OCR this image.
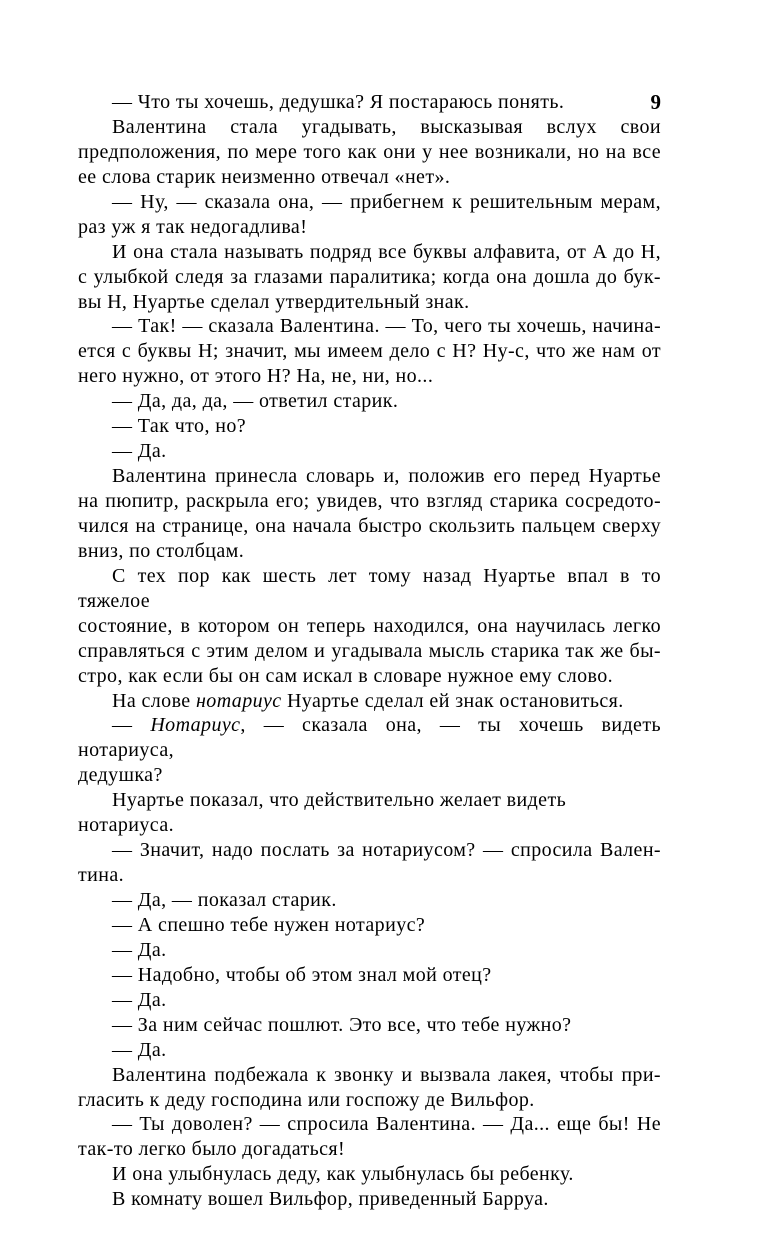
9
— Что ты хочешь, дедушка? Я постараюсь понять.
Валентина стала угадывать, высказывая вслух свои
предположения, по мере того как они у нее возникали, но на все
ее слова старик неизменно отвечал «нет».
— Ну, — сказала она, — прибегнем к решительным мерам,
раз уж я так недогадлива!
И она стала называть подряд все буквы алфавита, от А до Н,
с улыбкой следя за глазами паралитика; когда она дошла до бук-
вы Н, Нуартье сделал утвердительный знак.
— Так! — сказала Валентина. — То, чего ты хочешь, начина-
ется с буквы Н; значит, мы имеем дело с Н? Ну-с, что же нам от
него нужно, от этого Н? На, не, ни, но...
— Да, да, да, — ответил старик.
— Так что, но?
— Да.
Валентина принесла словарь и, положив его перед Нуартье
на пюпитр, раскрыла его; увидев, что взгляд старика сосредото-
чился на странице, она начала быстро скользить пальцем сверху
вниз, по столбцам.
С тех пор как шесть лет тому назад Нуартье впал в то тяжелое
состояние, в котором он теперь находился, она научилась легко
справляться с этим делом и угадывала мысль старика так же бы-
стро, как если бы он сам искал в словаре нужное ему слово.
На слове нотариус Нуартье сделал ей знак остановиться.
— Нотариус, — сказала она, — ты хочешь видеть нотариуса,
дедушка?
Нуартье показал, что действительно желает видеть нотариуса.
— Значит, надо послать за нотариусом? — спросила Вален-
тина.
— Да, — показал старик.
— А спешно тебе нужен нотариус?
— Да.
— Надобно, чтобы об этом знал мой отец?
— Да.
— За ним сейчас пошлют. Это все, что тебе нужно?
— Да.
Валентина подбежала к звонку и вызвала лакея, чтобы при-
гласить к деду господина или госпожу де Вильфор.
— Ты доволен? — спросила Валентина. — Да... еще бы! Не
так-то легко было догадаться!
И она улыбнулась деду, как улыбнулась бы ребенку.
В комнату вошел Вильфор, приведенный Барруа.
